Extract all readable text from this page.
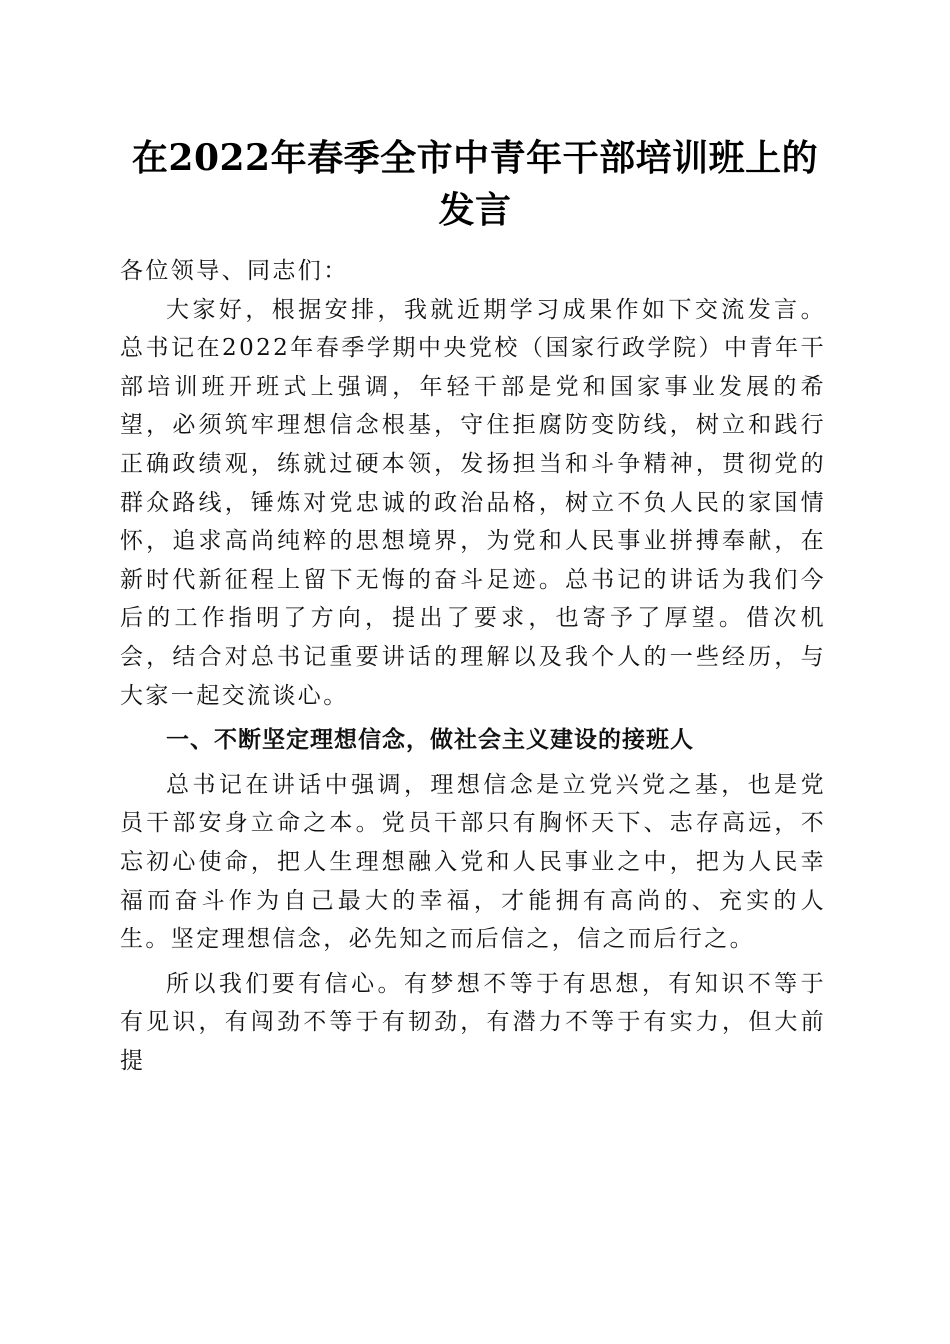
在2022年春季全市中青年干部培训班上的发言

各位领导、同志们：

大家好，根据安排，我就近期学习成果作如下交流发言。总书记在2022年春季学期中央党校（国家行政学院）中青年干部培训班开班式上强调，年轻干部是党和国家事业发展的希望，必须筑牢理想信念根基，守住拒腐防变防线，树立和践行正确政绩观，练就过硬本领，发扬担当和斗争精神，贯彻党的群众路线，锤炼对党忠诚的政治品格，树立不负人民的家国情怀，追求高尚纯粹的思想境界，为党和人民事业拼搏奉献，在新时代新征程上留下无悔的奋斗足迹。总书记的讲话为我们今后的工作指明了方向，提出了要求，也寄予了厚望。借次机会，结合对总书记重要讲话的理解以及我个人的一些经历，与大家一起交流谈心。

一、不断坚定理想信念，做社会主义建设的接班人

总书记在讲话中强调，理想信念是立党兴党之基，也是党员干部安身立命之本。党员干部只有胸怀天下、志存高远，不忘初心使命，把人生理想融入党和人民事业之中，把为人民幸福而奋斗作为自己最大的幸福，才能拥有高尚的、充实的人生。坚定理想信念，必先知之而后信之，信之而后行之。

所以我们要有信心。有梦想不等于有思想，有知识不等于有见识，有闯劲不等于有韧劲，有潜力不等于有实力，但大前提
